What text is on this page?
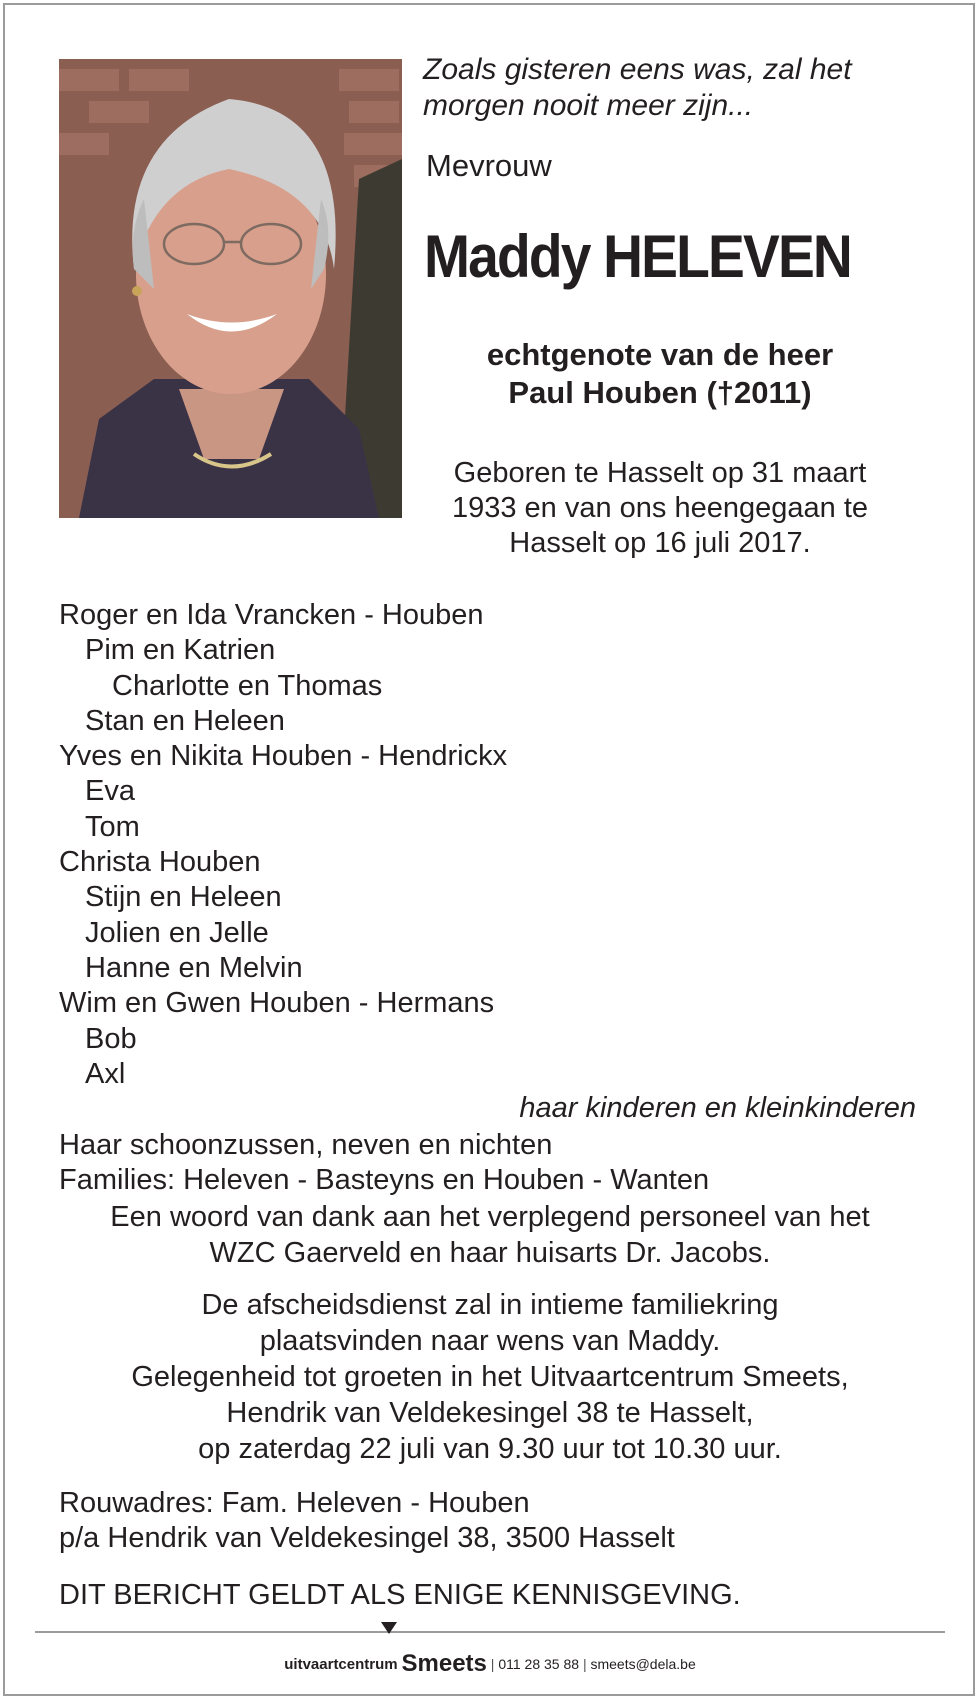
Zoals gisteren eens was, zal het
morgen nooit meer zijn...
Mevrouw
Maddy HELEVEN
echtgenote van de heer
Paul Houben (†2011)
Geboren te Hasselt op 31 maart
1933 en van ons heengegaan te
Hasselt op 16 juli 2017.
Roger en Ida Vrancken - Houben
Pim en Katrien
Charlotte en Thomas
Stan en Heleen
Yves en Nikita Houben - Hendrickx
Eva
Tom
Christa Houben
Stijn en Heleen
Jolien en Jelle
Hanne en Melvin
Wim en Gwen Houben - Hermans
Bob
Axl
haar kinderen en kleinkinderen
Haar schoonzussen, neven en nichten
Families: Heleven - Basteyns en Houben - Wanten
Een woord van dank aan het verplegend personeel van het
WZC Gaerveld en haar huisarts Dr. Jacobs.
De afscheidsdienst zal in intieme familiekring
plaatsvinden naar wens van Maddy.
Gelegenheid tot groeten in het Uitvaartcentrum Smeets,
Hendrik van Veldekesingel 38 te Hasselt,
op zaterdag 22 juli van 9.30 uur tot 10.30 uur.
Rouwadres: Fam. Heleven - Houben
p/a Hendrik van Veldekesingel 38, 3500 Hasselt
DIT BERICHT GELDT ALS ENIGE KENNISGEVING.
uitvaartcentrum Smeets | 011 28 35 88 | smeets@dela.be
